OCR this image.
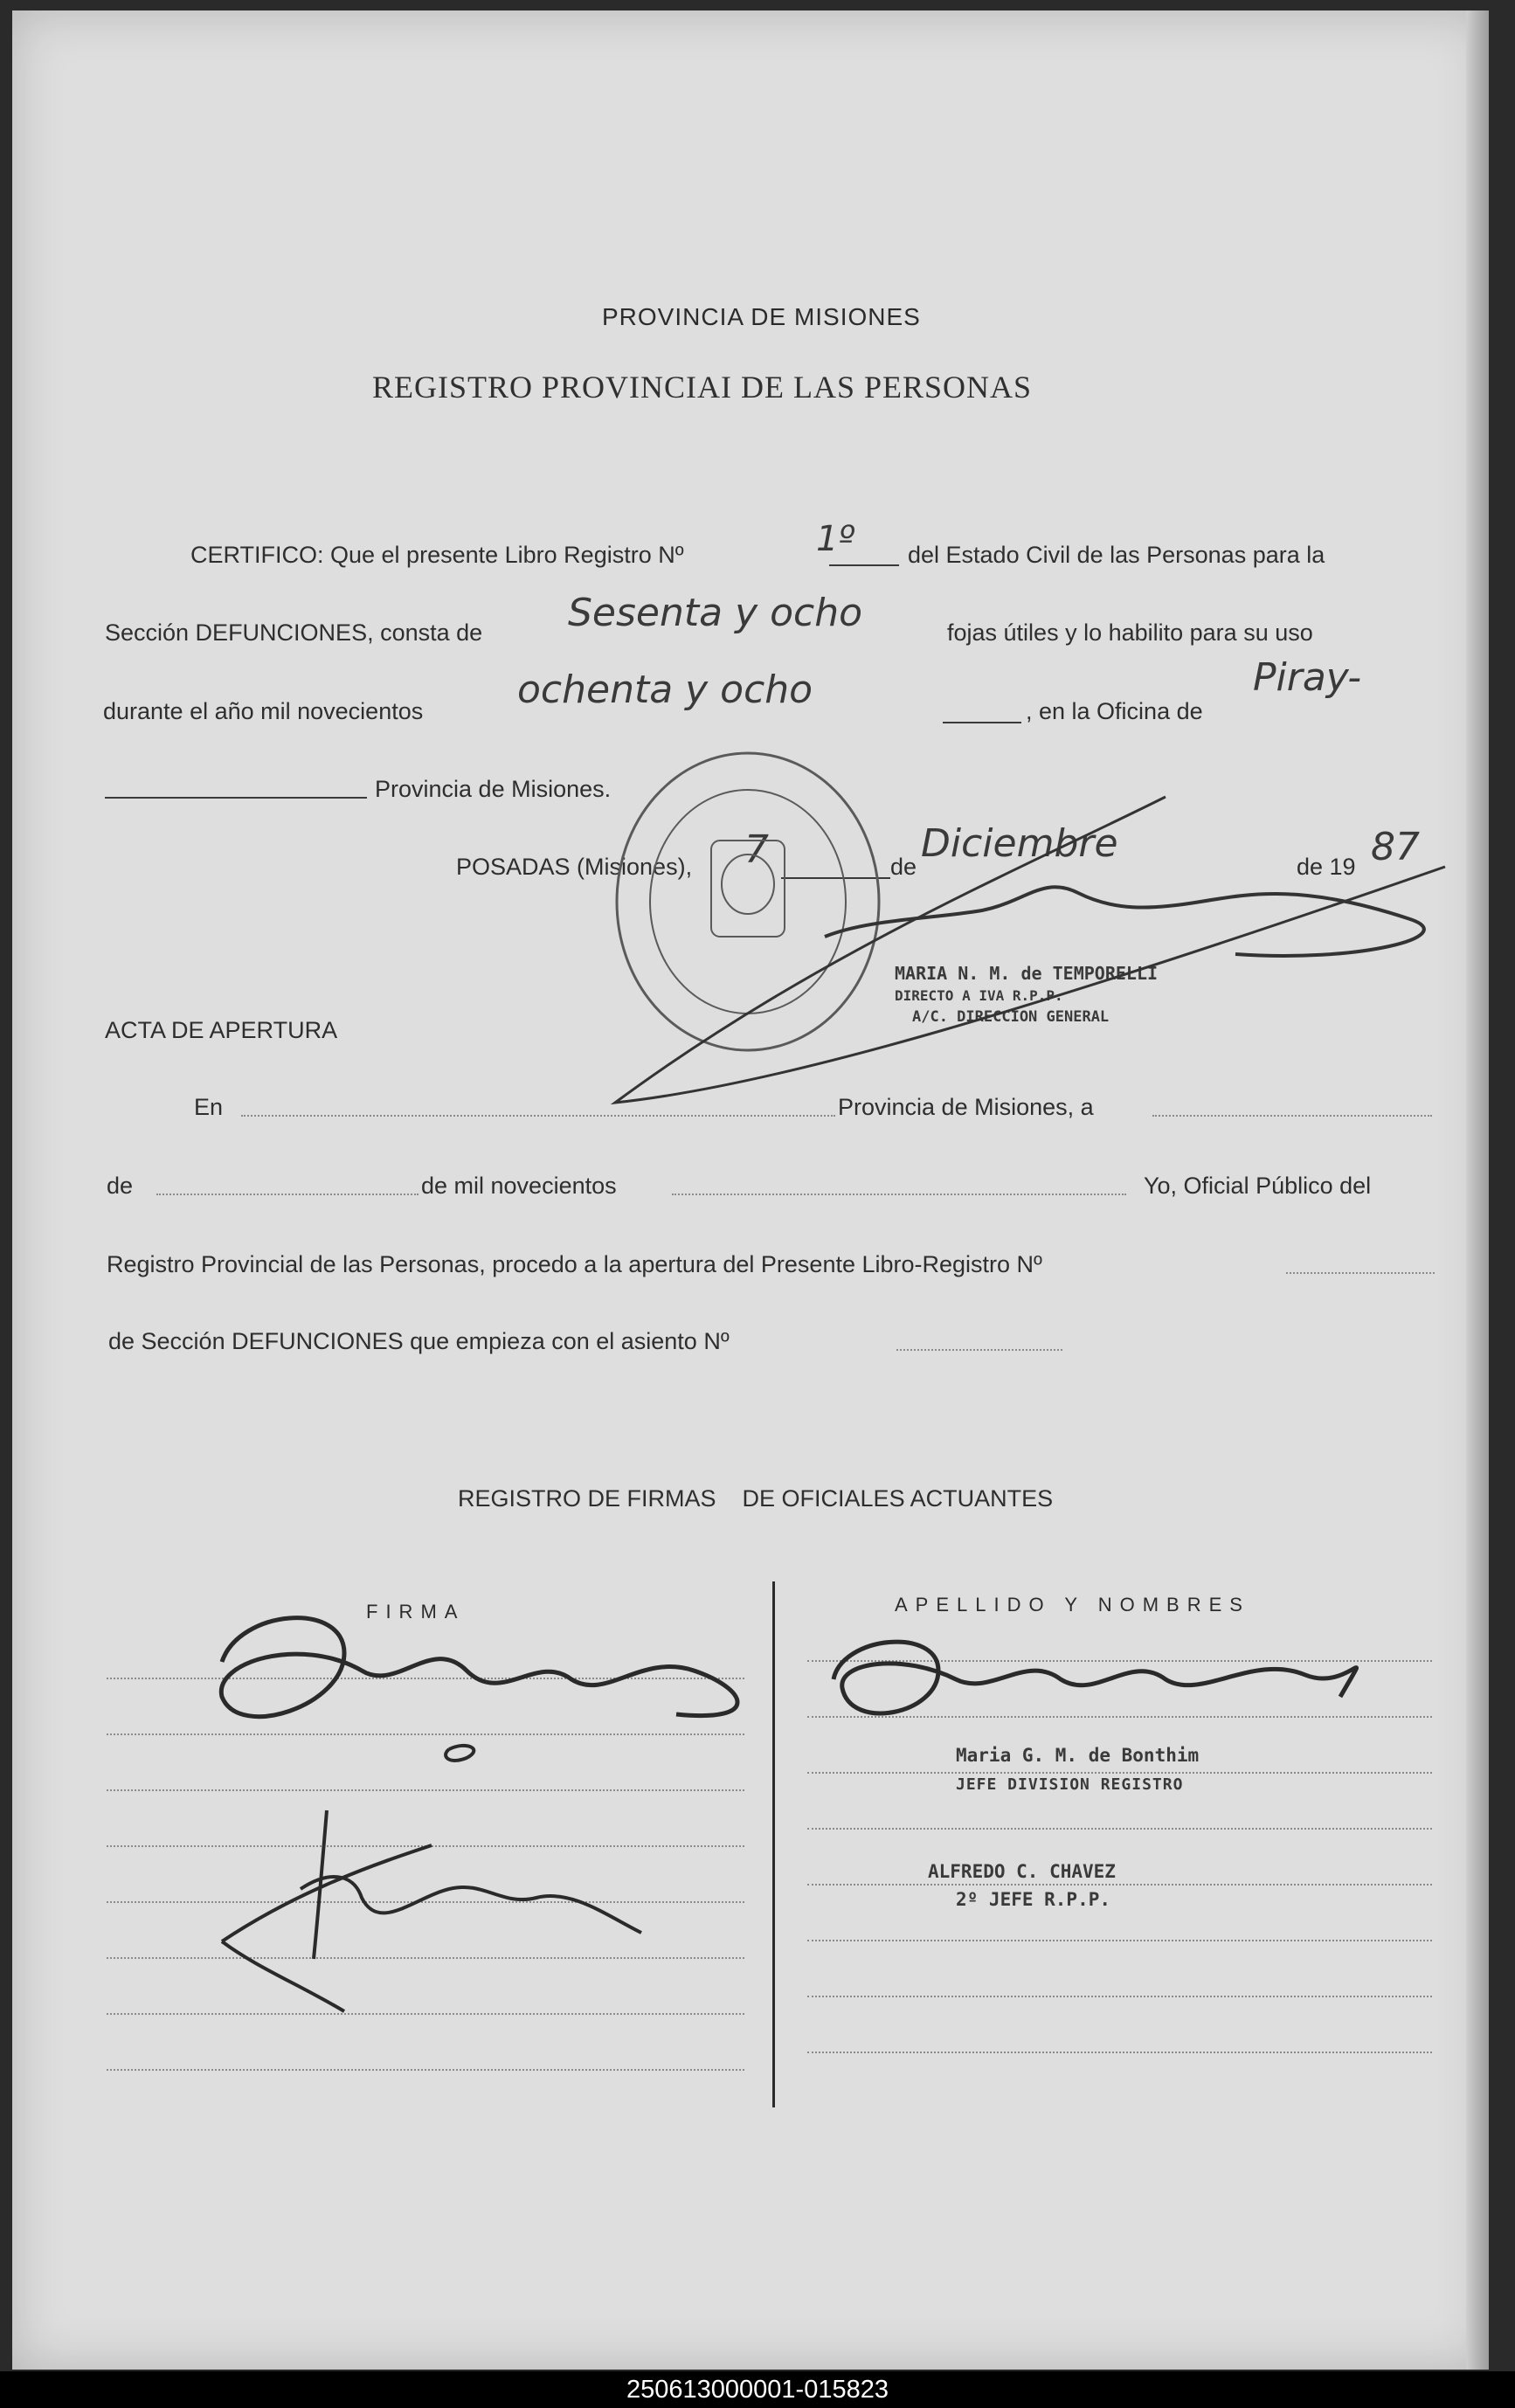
PROVINCIA DE MISIONES
REGISTRO PROVINCIAI DE LAS PERSONAS
CERTIFICO: Que el presente Libro Registro Nº	1º del Estado Civil de las Personas para la
Sección DEFUNCIONES, consta de Sesenta y ocho	fojas útiles y lo habilito para su uso
durante el año mil novecientos ochenta y ocho	, en la Oficina de
Piray-
Provincia de Misiones.
POSADAS (Misiones), 7	de
Diciembre
de 19 87
MARIA N. M. de TEMPORELLI
DIRECTO A IVA R.P.P.
A/C. DIRECCION GENERAL
ACTA DE APERTURA
En	Provincia de Misiones, a
de	de mil novecientos	Yo, Oficial Público del
Registro Provincial de las Personas, procedo a la apertura del Presente Libro-Registro Nº
de Sección DEFUNCIONES que empieza con el asiento Nº
REGISTRO DE FIRMAS    DE OFICIALES ACTUANTES
FIRMA	APELLIDO Y NOMBRES
Maria G. M. de Bonthim
JEFE DIVISION REGISTRO
ALFREDO C. CHAVEZ
2º JEFE R.P.P.
250613000001-015823
